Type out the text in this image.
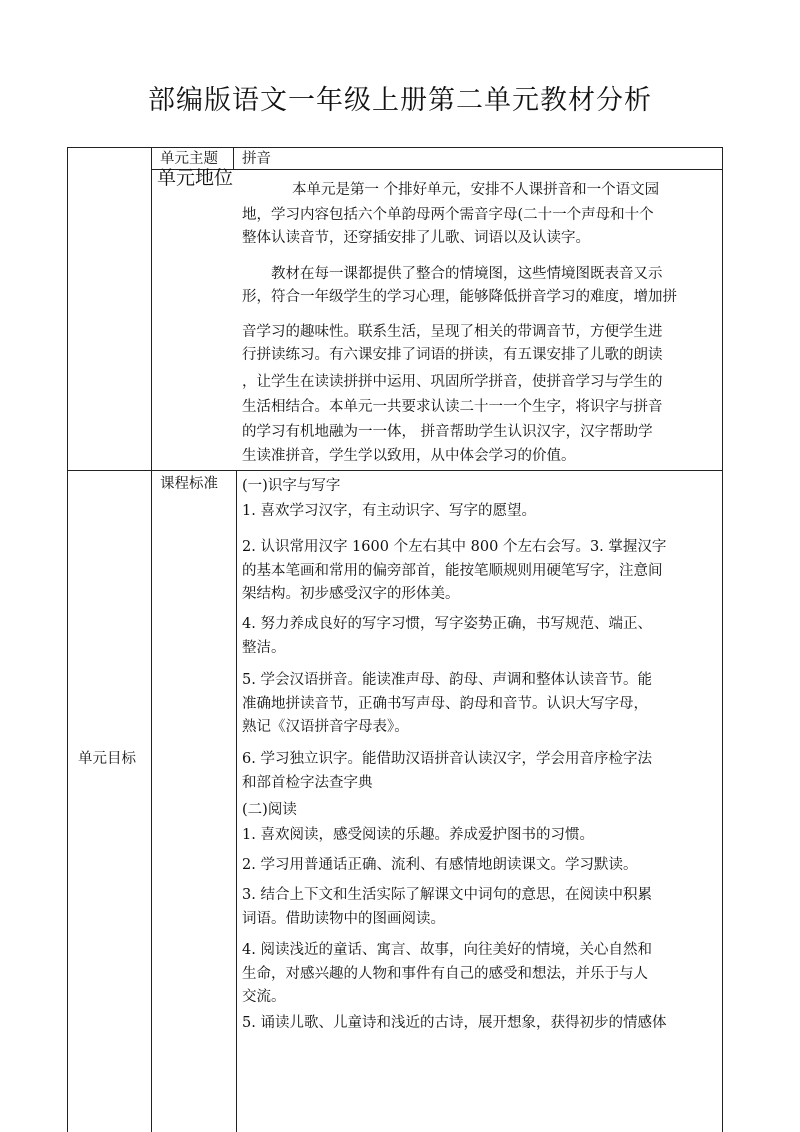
部编版语文一年级上册第二单元教材分析
单元主题 拼音
单元地位
本单元是第一 个排好单元，安排不人课拼音和一个语文园
地，学习内容包括六个单韵母两个需音字母(二十一个声母和十个
整体认读音节，还穿插安排了儿歌、词语以及认读字。
教材在每一课都提供了整合的情境图，这些情境图既表音又示
形，符合一年级学生的学习心理，能够降低拼音学习的难度，增加拼
音学习的趣味性。联系生活，呈现了相关的带调音节，方便学生进
行拼读练习。有六课安排了词语的拼读，有五课安排了儿歌的朗读
，让学生在读读拼拼中运用、巩固所学拼音，使拼音学习与学生的
生活相结合。本单元一共要求认读二十一一个生字，将识字与拼音
的学习有机地融为一一体， 拼音帮助学生认识汉字，汉字帮助学
生读准拼音，学生学以致用，从中体会学习的价值。
单元目标
课程标准 (一)识字与写字
1. 喜欢学习汉字，有主动识字、写字的愿望。
2. 认识常用汉字 1600 个左右其中 800 个左右会写。3. 掌握汉字
的基本笔画和常用的偏旁部首，能按笔顺规则用硬笔写字，注意间
架结构。初步感受汉字的形体美。
4. 努力养成良好的写字习惯，写字姿势正确，书写规范、端正、
整洁。
5. 学会汉语拼音。能读准声母、韵母、声调和整体认读音节。能
准确地拼读音节，正确书写声母、韵母和音节。认识大写字母，
熟记《汉语拼音字母表》。
6. 学习独立识字。能借助汉语拼音认读汉字，学会用音序检字法
和部首检字法查字典
(二)阅读
1. 喜欢阅读，感受阅读的乐趣。养成爱护图书的习惯。
2. 学习用普通话正确、流利、有感情地朗读课文。学习默读。
3. 结合上下文和生活实际了解课文中词句的意思，在阅读中积累
词语。借助读物中的图画阅读。
4. 阅读浅近的童话、寓言、故事，向往美好的情境，关心自然和
生命，对感兴趣的人物和事件有自己的感受和想法，并乐于与人
交流。
5. 诵读儿歌、儿童诗和浅近的古诗，展开想象，获得初步的情感体
